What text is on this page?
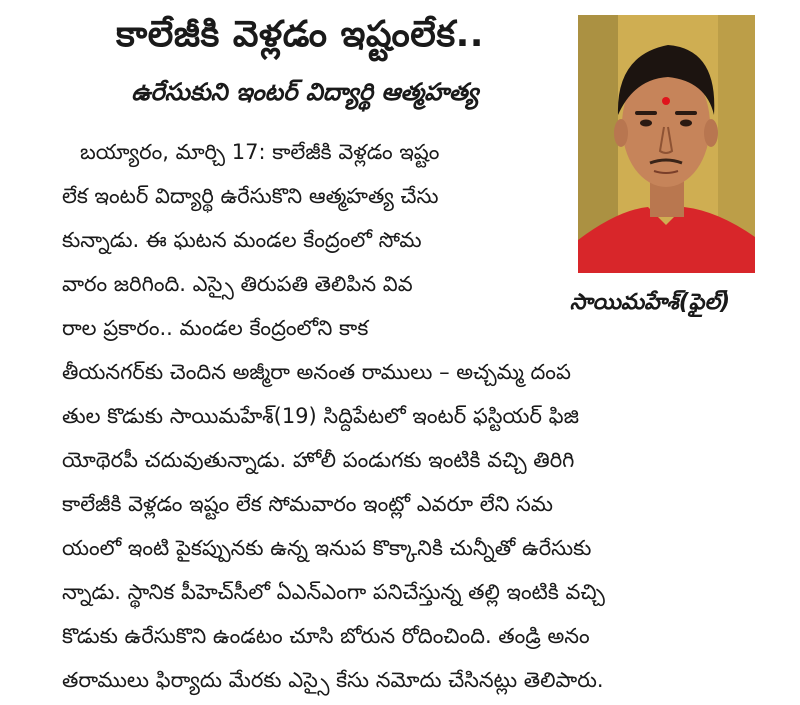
కాలేజీకి వెళ్లడం ఇష్టంలేక..
ఉరేసుకుని ఇంటర్ విద్యార్థి ఆత్మహత్య
సాయిమహేశ్(ఫైల్)
బయ్యారం, మార్చి 17: కాలేజీకి వెళ్లడం ఇష్టం
లేక ఇంటర్ విద్యార్థి ఉరేసుకొని ఆత్మహత్య చేసు
కున్నాడు. ఈ ఘటన మండల కేంద్రంలో సోమ
వారం జరిగింది. ఎస్సై తిరుపతి తెలిపిన వివ
రాల ప్రకారం.. మండల కేంద్రంలోని కాక
తీయనగర్‌కు చెందిన అజ్మీరా అనంత రాములు – అచ్చమ్మ దంప
తుల కొడుకు సాయిమహేశ్(19) సిద్దిపేటలో ఇంటర్ ఫస్టియర్ ఫిజి
యోథెరపీ చదువుతున్నాడు. హోలీ పండుగకు ఇంటికి వచ్చి తిరిగి
కాలేజీకి వెళ్లడం ఇష్టం లేక సోమవారం ఇంట్లో ఎవరూ లేని సమ
యంలో ఇంటి పైకప్పునకు ఉన్న ఇనుప కొక్కానికి చున్నీతో ఉరేసుకు
న్నాడు. స్థానిక పీహెచ్‌సీలో ఏఎన్ఎంగా పనిచేస్తున్న తల్లి ఇంటికి వచ్చి
కొడుకు ఉరేసుకొని ఉండటం చూసి బోరున రోదించింది. తండ్రి అనం
తరాములు ఫిర్యాదు మేరకు ఎస్సై కేసు నమోదు చేసినట్లు తెలిపారు.
